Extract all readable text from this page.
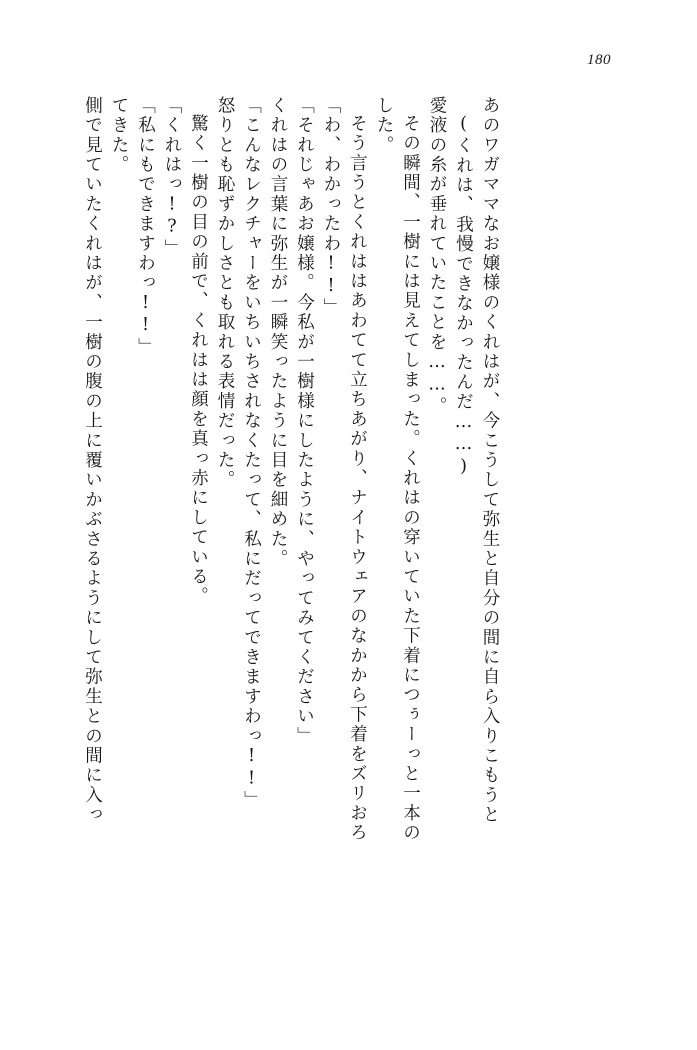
180
側で見ていたくれはが、一樹の腹の上に覆いかぶさるようにして弥生との間に入っ てきた。 「私にもできますわっ!!」 「くれはっ!?」 驚く一樹の目の前で、くれはは顔を真っ赤にしている。 怒りとも恥ずかしさとも取れる表情だった。 「こんなレクチャーをいちいちされなくたって、私にだってできますわっ!!」 くれはの言葉に弥生が一瞬笑ったように目を細めた。 「それじゃあお嬢様。今私が一樹様にしたように、やってみてください」 「わ、わかったわ!!」 そう言うとくれははあわてて立ちあがり、ナイトウェアのなかから下着をズリおろ した。 その瞬間、一樹には見えてしまった。くれはの穿いていた下着につぅーっと一本の 愛液の糸が垂れていたことを……。 (くれは、我慢できなかったんだ……) あのワガママなお嬢様のくれはが、今こうして弥生と自分の間に自ら入りこもうと
